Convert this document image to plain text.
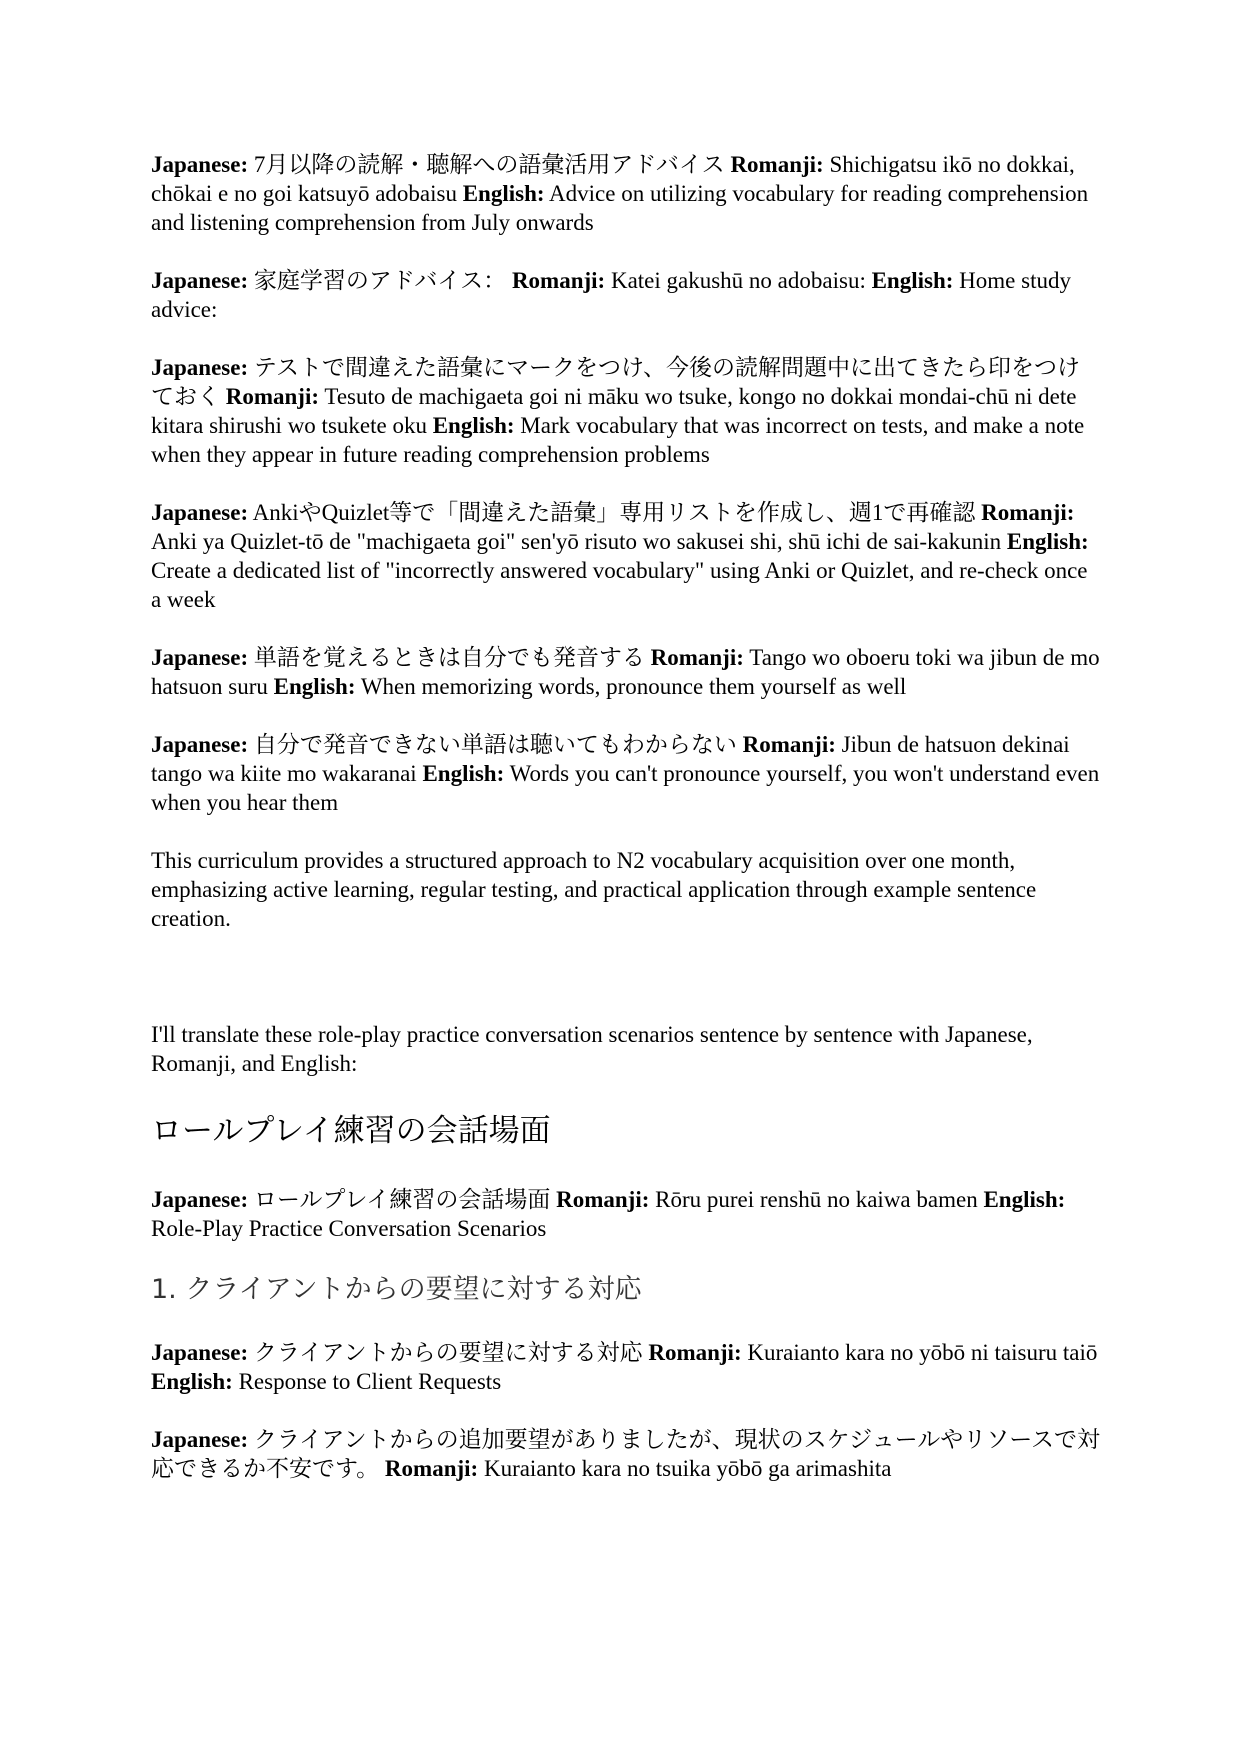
Japanese: 7月以降の読解・聴解への語彙活用アドバイス Romanji: Shichigatsu ikō no dokkai, chōkai e no goi katsuyō adobaisu English: Advice on utilizing vocabulary for reading comprehension and listening comprehension from July onwards

Japanese: 家庭学習のアドバイス： Romanji: Katei gakushū no adobaisu: English: Home study advice:

Japanese: テストで間違えた語彙にマークをつけ、今後の読解問題中に出てきたら印をつけておく Romanji: Tesuto de machigaeta goi ni māku wo tsuke, kongo no dokkai mondai-chū ni dete kitara shirushi wo tsukete oku English: Mark vocabulary that was incorrect on tests, and make a note when they appear in future reading comprehension problems

Japanese: AnkiやQuizlet等で「間違えた語彙」専用リストを作成し、週1で再確認 Romanji: Anki ya Quizlet-tō de "machigaeta goi" sen'yō risuto wo sakusei shi, shū ichi de sai-kakunin English: Create a dedicated list of "incorrectly answered vocabulary" using Anki or Quizlet, and re-check once a week

Japanese: 単語を覚えるときは自分でも発音する Romanji: Tango wo oboeru toki wa jibun de mo hatsuon suru English: When memorizing words, pronounce them yourself as well

Japanese: 自分で発音できない単語は聴いてもわからない Romanji: Jibun de hatsuon dekinai tango wa kiite mo wakaranai English: Words you can't pronounce yourself, you won't understand even when you hear them

This curriculum provides a structured approach to N2 vocabulary acquisition over one month, emphasizing active learning, regular testing, and practical application through example sentence creation.

I'll translate these role-play practice conversation scenarios sentence by sentence with Japanese, Romanji, and English:

ロールプレイ練習の会話場面

Japanese: ロールプレイ練習の会話場面 Romanji: Rōru purei renshū no kaiwa bamen English: Role-Play Practice Conversation Scenarios

1. クライアントからの要望に対する対応

Japanese: クライアントからの要望に対する対応 Romanji: Kuraianto kara no yōbō ni taisuru taiō English: Response to Client Requests

Japanese: クライアントからの追加要望がありましたが、現状のスケジュールやリソースで対応できるか不安です。 Romanji: Kuraianto kara no tsuika yōbō ga arimashita
